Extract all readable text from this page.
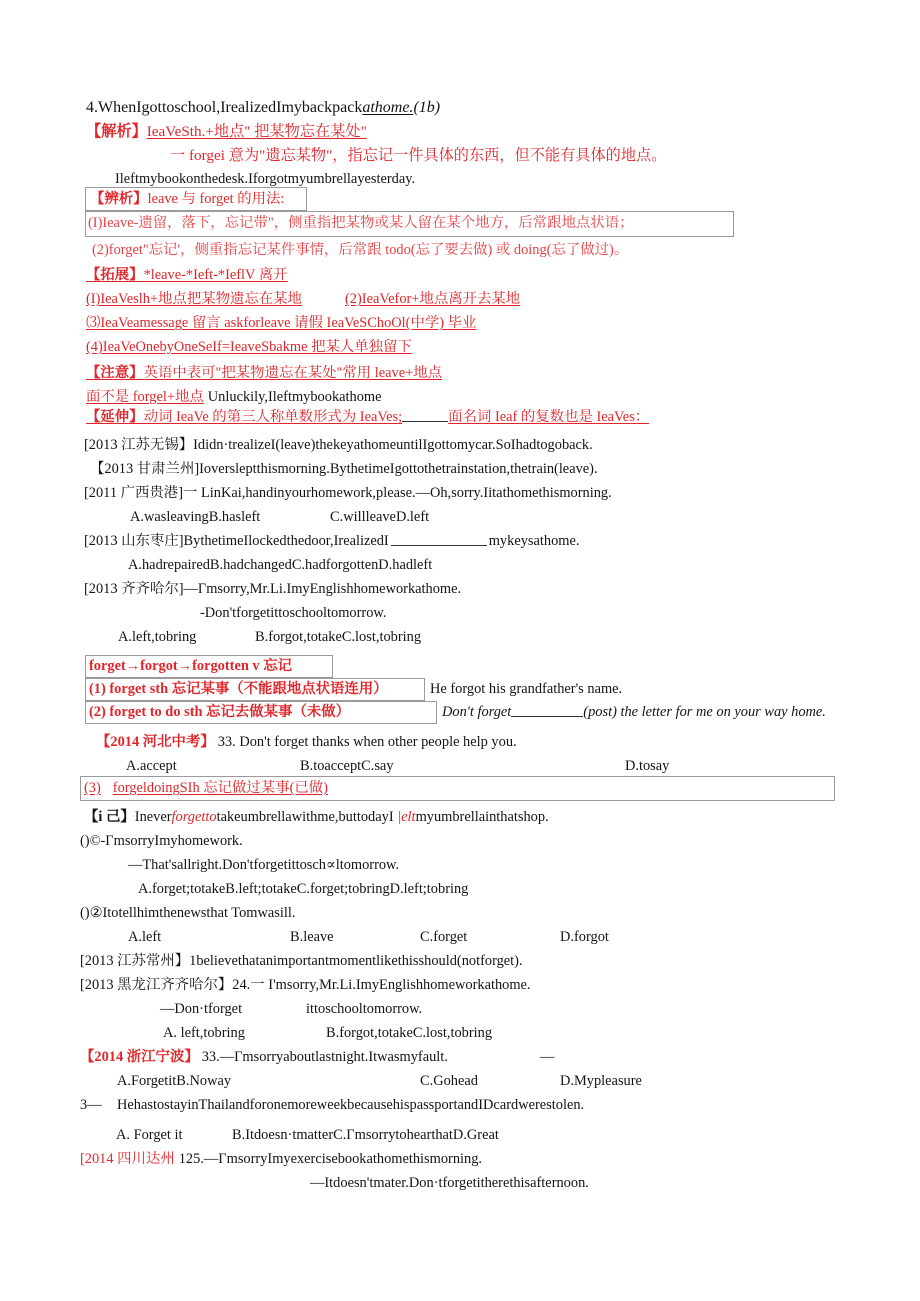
4.WhenIgottoschool,IrealizedImybackpackathome.(1b)
【解析】IeaVeSth.+地点" 把某物忘在某处"
一 forgei 意为"遗忘某物"，指忘记一件具体的东西，但不能有具体的地点。
Ileftmybookonthedesk.Iforgotmyumbrellayesterday.
【辨析】leave 与 forget 的用法:
(I)Ieave-遗留，落下，忘记带"，侧重指把某物或某人留在某个地方，后常跟地点状语；
(2)forget"忘记'，侧重指忘记某件事情，后常跟 todo(忘了要去做) 或 doing(忘了做过)。
【拓展】*leave-*Ieft-*IeflV 离开
(I)IeaVeslh+地点把某物遗忘在某地	(2)IeaVefor+地点离开去某地
⑶IeaVeamessage 留言 askforleave 请假 IeaVeSChoOl(中学) 毕业
(4)IeaVeOnebyOneSeIf=IeaveSbakme 把某人单独留下
【注意】英语中表可"把某物遗忘在某处"常用 leave+地点
面不是 forgel+地点 Unluckily,Ileftmybookathome
【延伸】动词 IeaVe 的第三人称单数形式为 IeaVes;	面名词 Ieaf 的复数也是 IeaVes：
[2013 江苏无锡】Ididn·trealizeI(leave)thekeyathomeuntilIgottomycar.SoIhadtogoback.
【2013 甘肃兰州]Ioversleptthismorning.BythetimeIgottothetrainstation,thetrain(leave).
[2011 广西贵港]一 LinKai,handinyourhomework,please.—Oh,sorry.Iitathomethismorning.
A.wasleavingB.hasleft	C.willleaveD.left
[2013 山东枣庄]BythetimeIlockedthedoor,IrealizedI	mykeysathome.
A.hadrepairedB.hadchangedC.hadforgottenD.hadleft
[2013 齐齐哈尔]—Γmsorry,Mr.Li.ImyEnglishhomeworkathome.
-Don'tforgetittoschooltomorrow.
A.left,tobring	B.forgot,totakeC.lost,tobring
forget→forgot→forgotten v 忘记
(1) forget sth 忘记某事（不能跟地点状语连用）	He forgot his grandfather's name.
(2) forget to do sth 忘记去做某事（未做）	Don't forget	(post) the letter for me on your way home.
【2014 河北中考】 33. Don't forget thanks when other people help you.
A.accept	B.toacceptC.say	D.tosay
(3) forgeldoingSIh 忘记做过某事(已做)
【i 己】Ineverforgettotakeumbrellawithme,buttodayI |eltmyumbrellainthatshop.
()©-ΓmsorryImyhomework.
—That'sallright.Don'tforgetittosch∝ltomorrow.
A.forget;totakeB.left;totakeC.forget;tobringD.left;tobring
()②Itotellhimthenewsthat Tomwasill.
A.left	B.leave	C.forget	D.forgot
[2013 江苏常州】1believethatanimportantmomentlikethisshould(notforget).
[2013 黑龙江齐齐哈尔】24.一 I'msorry,Mr.Li.ImyEnglishhomeworkathome.
—Don·tforget	ittoschooltomorrow.
A. left,tobring	B.forgot,totakeC.lost,tobring
【2014 浙江宁波】 33.—Γmsorryaboutlastnight.Itwasmyfault.	—
A.ForgetitB.Noway	C.Gohead	D.Mypleasure
3— HehastostayinThailandforonemoreweekbecausehispassportandIDcardwerestolen.
A. Forget it	B.Itdoesn·tmatterC.ΓmsorrytohearthatD.Great
[2014 四川达州 125.—ΓmsorryImyexercisebookathomethismorning.
—Itdoesn'tmater.Don·tforgetitherethisafternoon.
